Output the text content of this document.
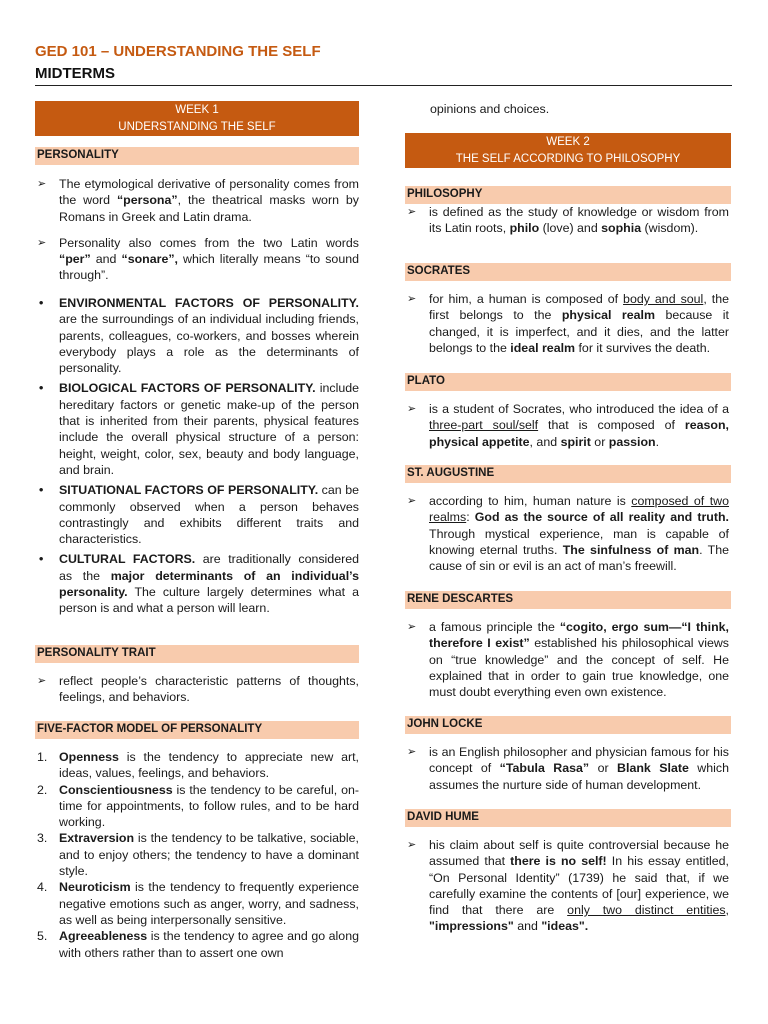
GED 101 – UNDERSTANDING THE SELF
MIDTERMS
WEEK 1
UNDERSTANDING THE SELF
PERSONALITY
➢ The etymological derivative of personality comes from the word “persona”, the theatrical masks worn by Romans in Greek and Latin drama.
➢ Personality also comes from the two Latin words “per” and “sonare”, which literally means “to sound through”.
• ENVIRONMENTAL FACTORS OF PERSONALITY. are the surroundings of an individual including friends, parents, colleagues, co-workers, and bosses wherein everybody plays a role as the determinants of personality.
• BIOLOGICAL FACTORS OF PERSONALITY. include hereditary factors or genetic make-up of the person that is inherited from their parents, physical features include the overall physical structure of a person: height, weight, color, sex, beauty and body language, and brain.
• SITUATIONAL FACTORS OF PERSONALITY. can be commonly observed when a person behaves contrastingly and exhibits different traits and characteristics.
• CULTURAL FACTORS. are traditionally considered as the major determinants of an individual’s personality. The culture largely determines what a person is and what a person will learn.
PERSONALITY TRAIT
➢ reflect people’s characteristic patterns of thoughts, feelings, and behaviors.
FIVE-FACTOR MODEL OF PERSONALITY
1. Openness is the tendency to appreciate new art, ideas, values, feelings, and behaviors.
2. Conscientiousness is the tendency to be careful, on-time for appointments, to follow rules, and to be hard working.
3. Extraversion is the tendency to be talkative, sociable, and to enjoy others; the tendency to have a dominant style.
4. Neuroticism is the tendency to frequently experience negative emotions such as anger, worry, and sadness, as well as being interpersonally sensitive.
5. Agreeableness is the tendency to agree and go along with others rather than to assert one own
opinions and choices.
WEEK 2
THE SELF ACCORDING TO PHILOSOPHY
PHILOSOPHY
➢ is defined as the study of knowledge or wisdom from its Latin roots, philo (love) and sophia (wisdom).
SOCRATES
➢ for him, a human is composed of body and soul, the first belongs to the physical realm because it changed, it is imperfect, and it dies, and the latter belongs to the ideal realm for it survives the death.
PLATO
➢ is a student of Socrates, who introduced the idea of a three-part soul/self that is composed of reason, physical appetite, and spirit or passion.
ST. AUGUSTINE
➢ according to him, human nature is composed of two realms: God as the source of all reality and truth. Through mystical experience, man is capable of knowing eternal truths. The sinfulness of man. The cause of sin or evil is an act of man’s freewill.
RENE DESCARTES
➢ a famous principle the “cogito, ergo sum—“I think, therefore I exist” established his philosophical views on “true knowledge” and the concept of self. He explained that in order to gain true knowledge, one must doubt everything even own existence.
JOHN LOCKE
➢ is an English philosopher and physician famous for his concept of “Tabula Rasa” or Blank Slate which assumes the nurture side of human development.
DAVID HUME
➢ his claim about self is quite controversial because he assumed that there is no self! In his essay entitled, “On Personal Identity” (1739) he said that, if we carefully examine the contents of [our] experience, we find that there are only two distinct entities, "impressions" and "ideas".
